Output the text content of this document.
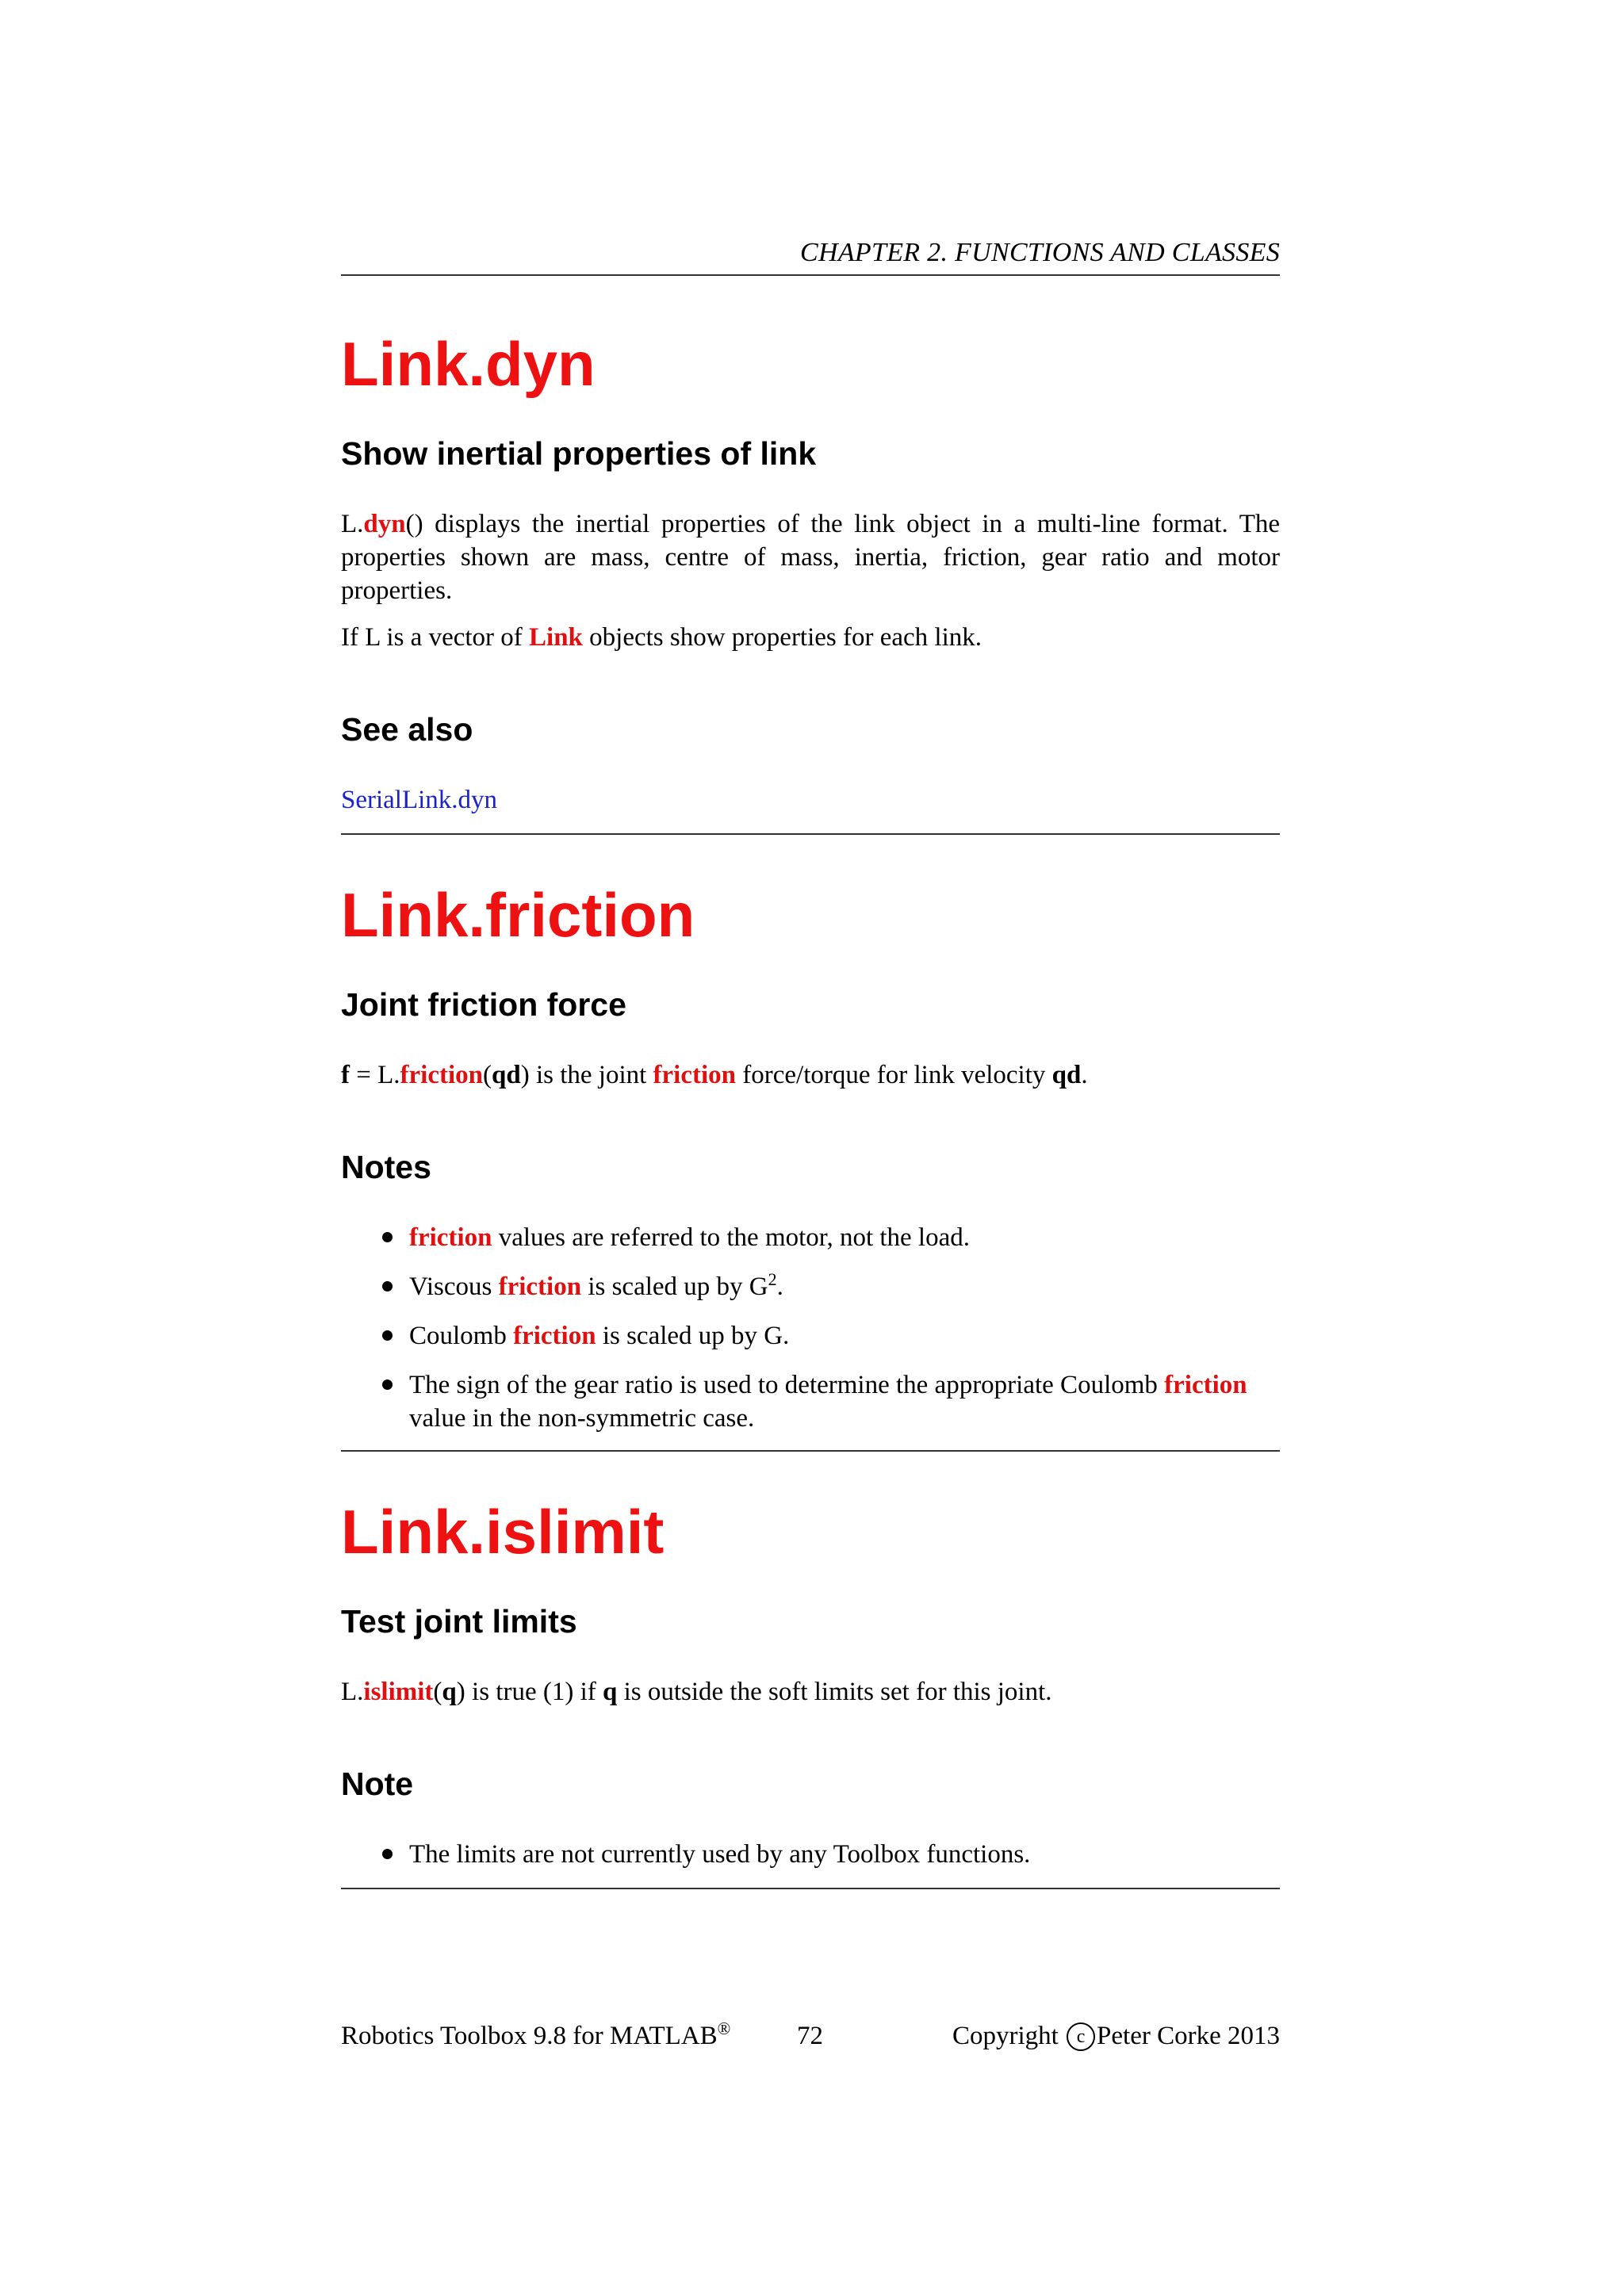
CHAPTER 2. FUNCTIONS AND CLASSES
Link.dyn
Show inertial properties of link

L.dyn() displays the inertial properties of the link object in a multi-line format. The properties shown are mass, centre of mass, inertia, friction, gear ratio and motor properties.

If L is a vector of Link objects show properties for each link.

See also

SerialLink.dyn

Link.friction
Joint friction force

f = L.friction(qd) is the joint friction force/torque for link velocity qd.

Notes
friction values are referred to the motor, not the load.
Viscous friction is scaled up by $G^2$.
Coulomb friction is scaled up by G.
The sign of the gear ratio is used to determine the appropriate Coulomb friction value in the non-symmetric case.
Link.islimit
Test joint limits

L.islimit(q) is true (1) if q is outside the soft limits set for this joint.

Note
The limits are not currently used by any Toolbox functions.
Robotics Toolbox 9.8 for MATLAB®	72	Copyright c Peter Corke 2013
